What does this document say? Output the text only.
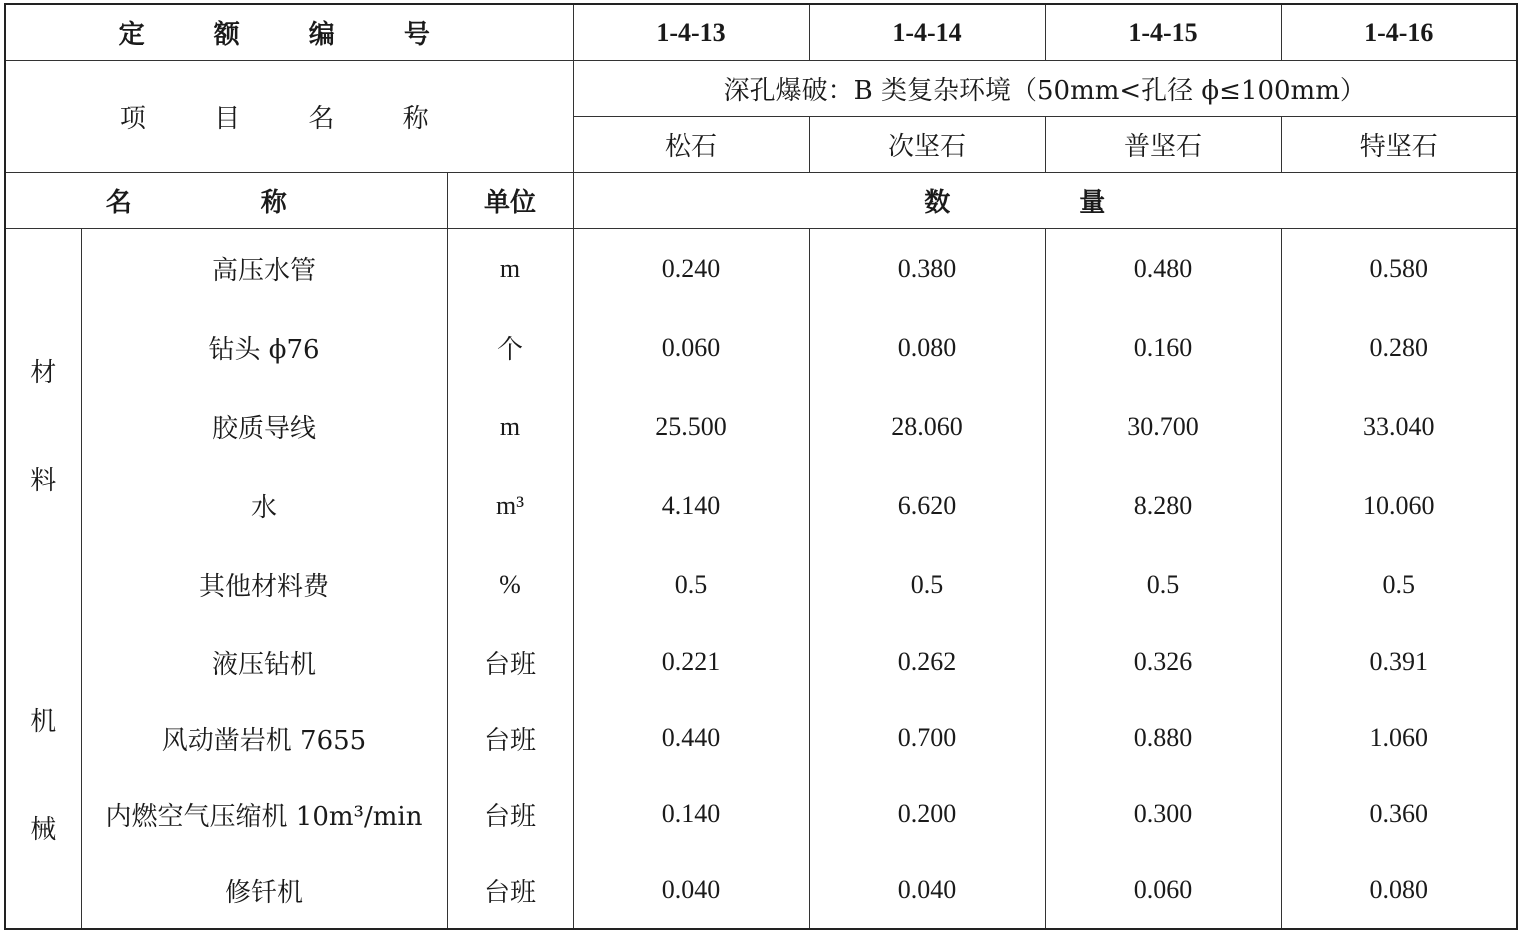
定 额 编 号			1-4-13	1-4-14	1-4-15	1-4-16
项 目 名 称			深孔爆破：B 类复杂环境（50mm<孔径 ϕ≤100mm）			
			松石	次坚石	普坚石	特坚石
名 称		单位	数 量			

材
料	高压水管	m	0.240	0.380	0.480	0.580
	钻头 ϕ76	个	0.060	0.080	0.160	0.280
	胶质导线	m	25.500	28.060	30.700	33.040
	水	m³	4.140	6.620	8.280	10.060
	其他材料费	%	0.5	0.5	0.5	0.5

机
械	液压钻机	台班	0.221	0.262	0.326	0.391
	风动凿岩机 7655	台班	0.440	0.700	0.880	1.060
	内燃空气压缩机 10m³/min	台班	0.140	0.200	0.300	0.360
	修钎机	台班	0.040	0.040	0.060	0.080
